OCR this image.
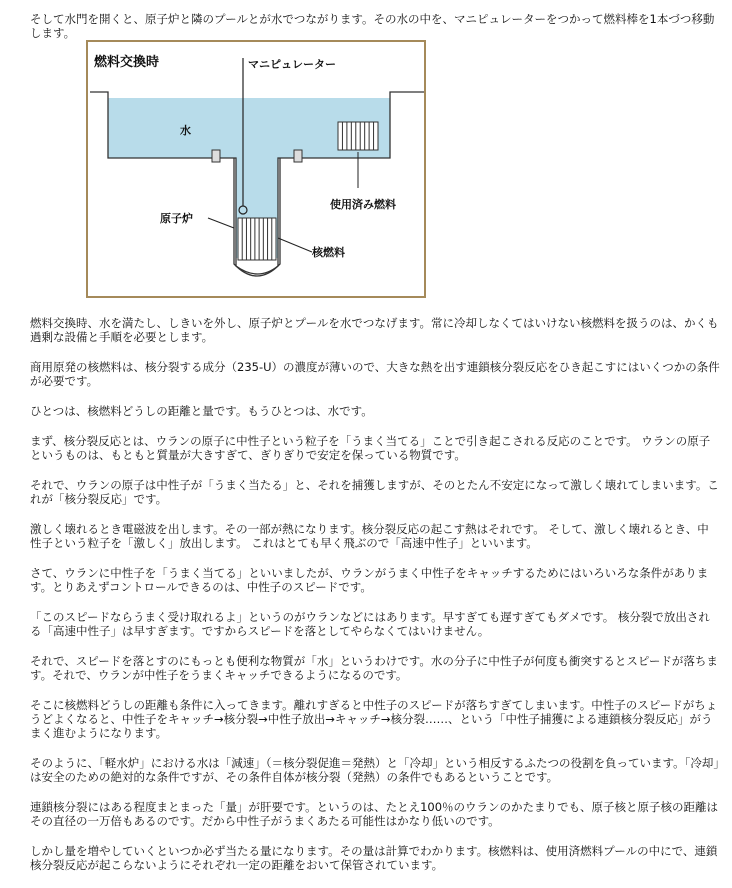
そして水門を開くと、原子炉と隣のプールとが水でつながります。その水の中を、マニピュレーターをつかって燃料棒を1本づつ移動します。

燃料交換時	マニピュレーター
水
使用済み燃料
原子炉
核燃料

燃料交換時、水を満たし、しきいを外し、原子炉とプールを水でつなげます。常に冷却しなくてはいけない核燃料を扱うのは、かくも過剰な設備と手順を必要とします。

商用原発の核燃料は、核分裂する成分（235-U）の濃度が薄いので、大きな熱を出す連鎖核分裂反応をひき起こすにはいくつかの条件が必要です。

ひとつは、核燃料どうしの距離と量です。もうひとつは、水です。

まず、核分裂反応とは、ウランの原子に中性子という粒子を「うまく当てる」ことで引き起こされる反応のことです。 ウランの原子というものは、もともと質量が大きすぎて、ぎりぎりで安定を保っている物質です。

それで、ウランの原子は中性子が「うまく当たる」と、それを捕獲しますが、そのとたん不安定になって激しく壊れてしまいます。これが「核分裂反応」です。

激しく壊れるとき電磁波を出します。その一部が熱になります。核分裂反応の起こす熱はそれです。 そして、激しく壊れるとき、中性子という粒子を「激しく」放出します。 これはとても早く飛ぶので「高速中性子」といいます。

さて、ウランに中性子を「うまく当てる」といいましたが、ウランがうまく中性子をキャッチするためにはいろいろな条件があります。とりあえずコントロールできるのは、中性子のスピードです。

「このスピードならうまく受け取れるよ」というのがウランなどにはあります。早すぎても遅すぎてもダメです。 核分裂で放出される「高速中性子」は早すぎます。ですからスピードを落としてやらなくてはいけません。

それで、スピードを落とすのにもっとも便利な物質が「水」というわけです。水の分子に中性子が何度も衝突するとスピードが落ちます。それで、ウランが中性子をうまくキャッチできるようになるのです。

そこに核燃料どうしの距離も条件に入ってきます。離れすぎると中性子のスピードが落ちすぎてしまいます。中性子のスピードがちょうどよくなると、中性子をキャッチ→核分裂→中性子放出→キャッチ→核分裂……、という「中性子捕獲による連鎖核分裂反応」がうまく進むようになります。

そのように、「軽水炉」における水は「減速」（＝核分裂促進＝発熱）と「冷却」という相反するふたつの役割を負っています。「冷却」は安全のための絶対的な条件ですが、その条件自体が核分裂（発熱）の条件でもあるということです。

連鎖核分裂にはある程度まとまった「量」が肝要です。というのは、たとえ100％のウランのかたまりでも、原子核と原子核の距離はその直径の一万倍もあるのです。だから中性子がうまくあたる可能性はかなり低いのです。

しかし量を増やしていくといつか必ず当たる量になります。その量は計算でわかります。核燃料は、使用済燃料プールの中にで、連鎖核分裂反応が起こらないようにそれぞれ一定の距離をおいて保管されています。
